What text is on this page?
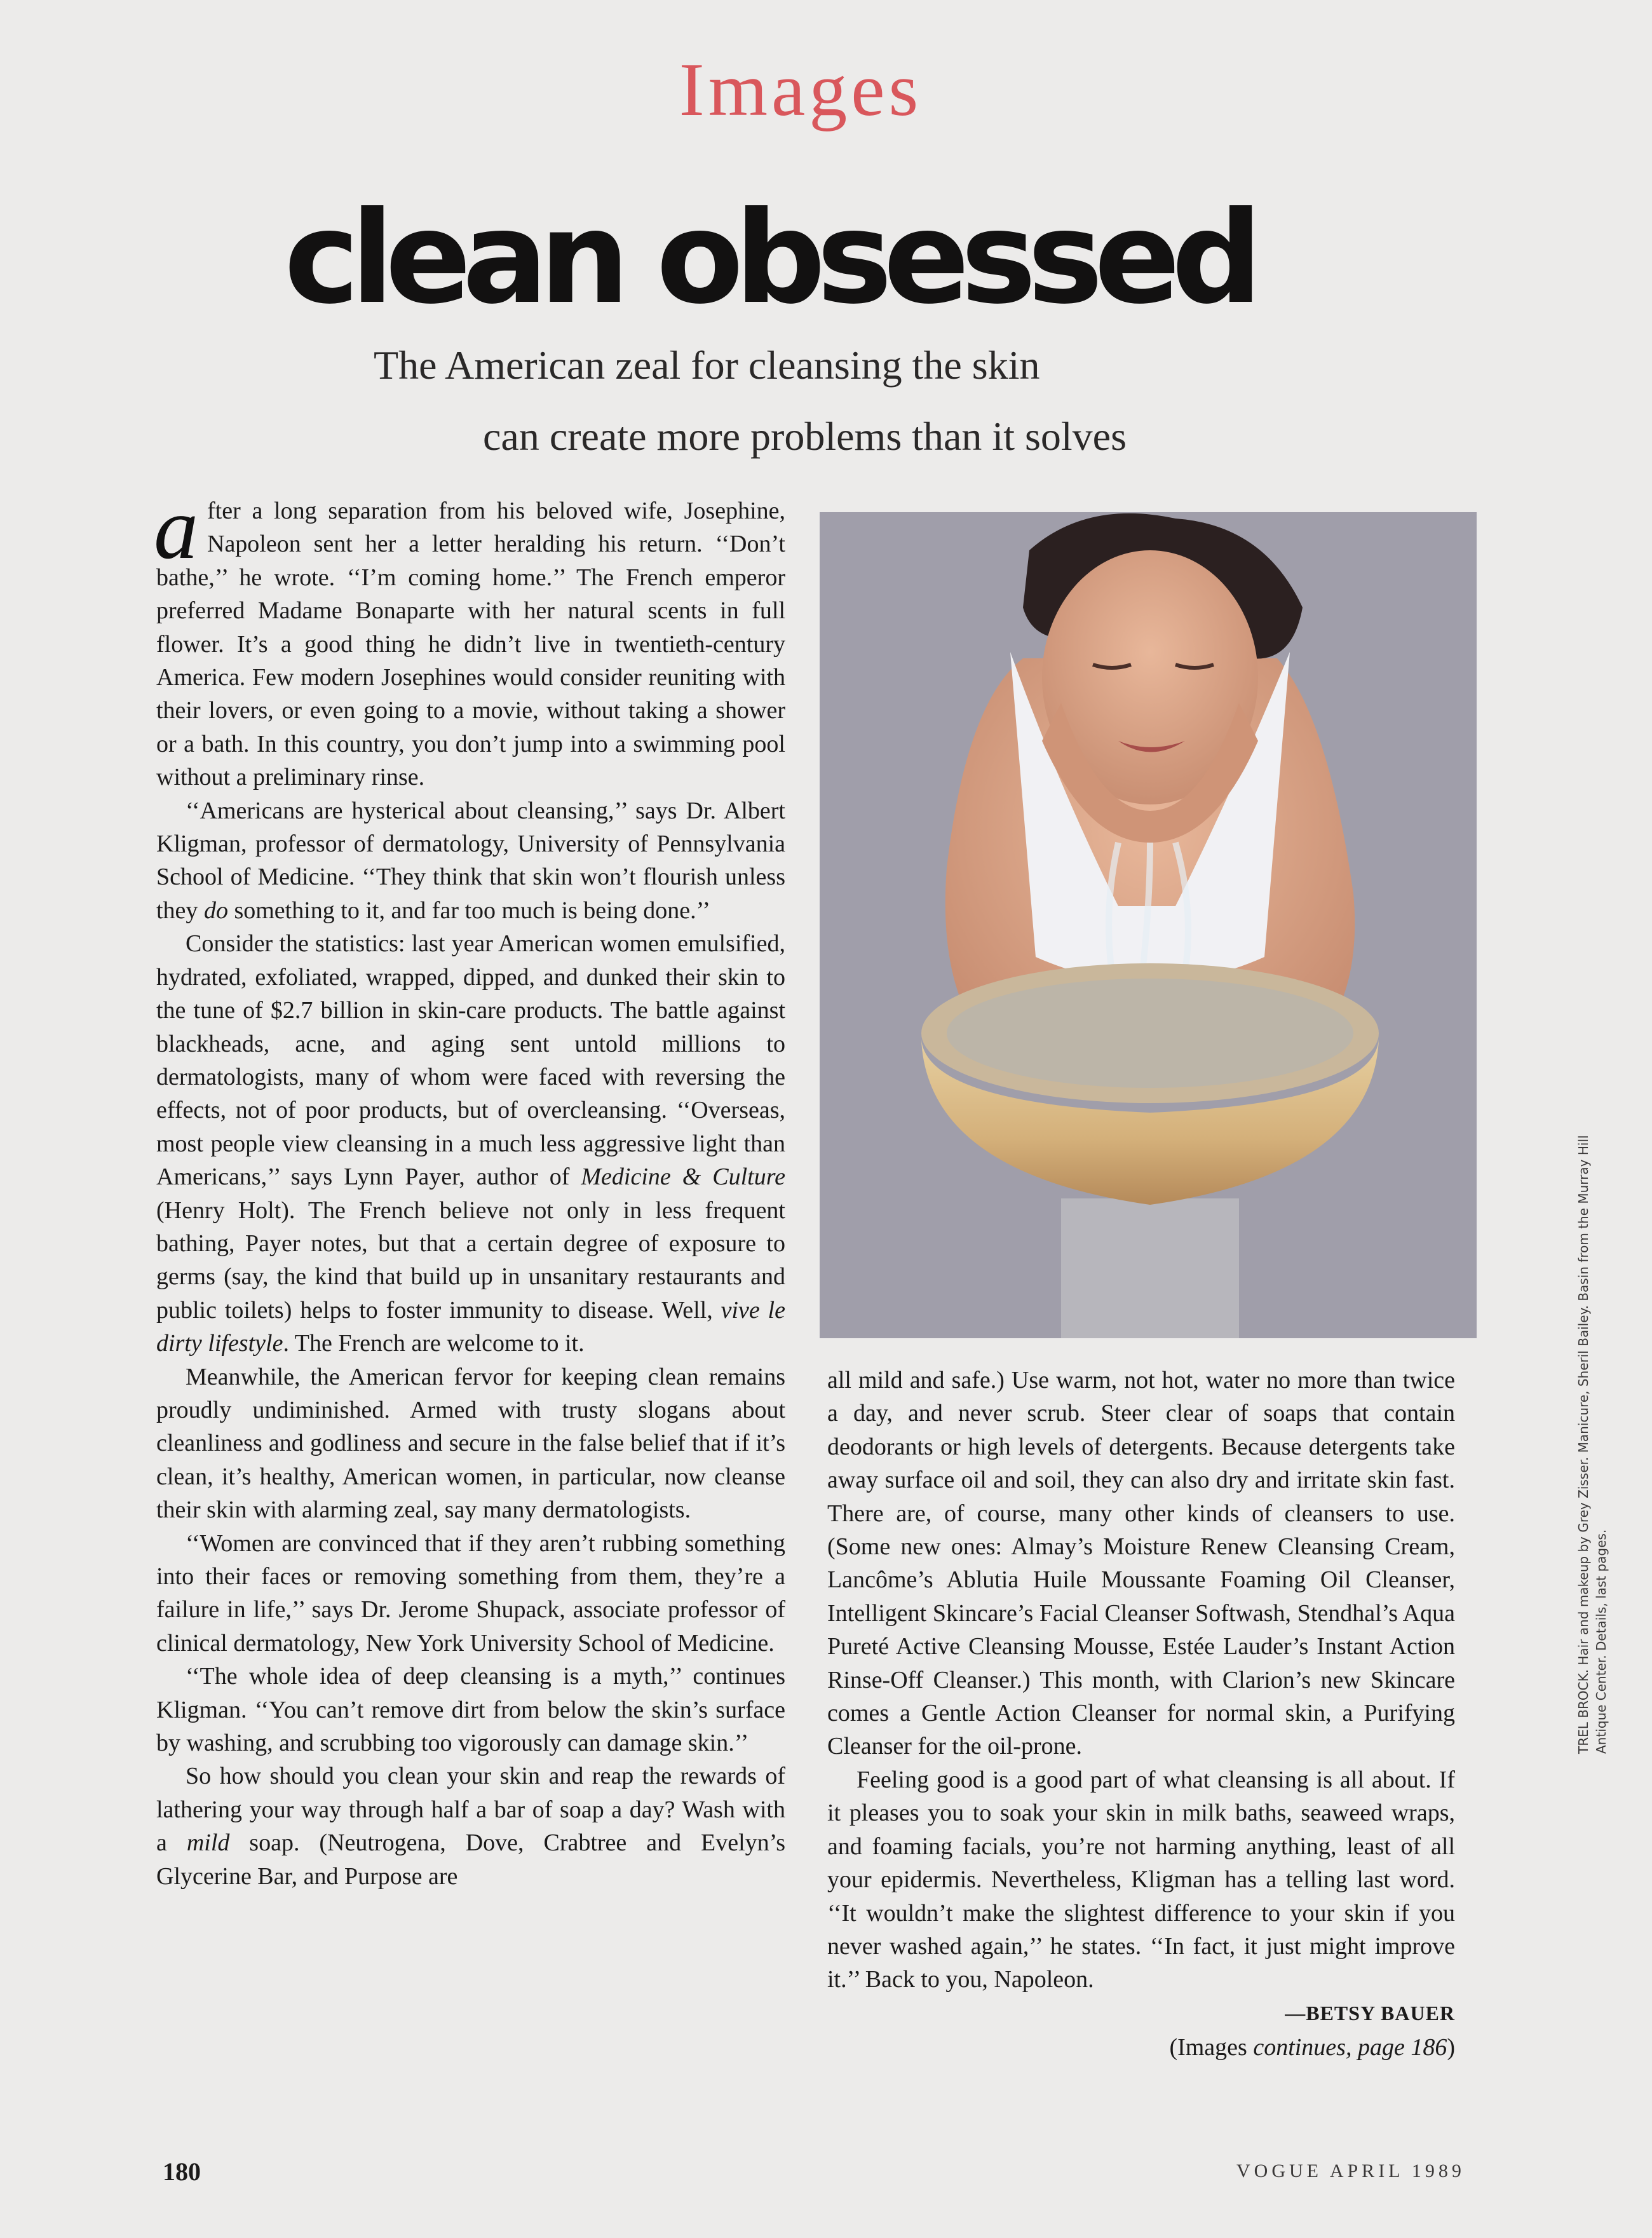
Images
clean obsessed
The American zeal for cleansing the skin
can create more problems than it solves

after a long separation from his beloved wife, Josephine, Napoleon sent her a letter heralding his return. ‘‘Don’t bathe,’’ he wrote. ‘‘I’m coming home.’’ The French emperor preferred Madame Bonaparte with her natural scents in full flower. It’s a good thing he didn’t live in twentieth-century America. Few modern Josephines would consider reuniting with their lovers, or even going to a movie, without taking a shower or a bath. In this country, you don’t jump into a swimming pool without a preliminary rinse.

‘‘Americans are hysterical about cleansing,’’ says Dr. Albert Kligman, professor of dermatology, University of Pennsylvania School of Medicine. ‘‘They think that skin won’t flourish unless they do something to it, and far too much is being done.’’

Consider the statistics: last year American women emulsified, hydrated, exfoliated, wrapped, dipped, and dunked their skin to the tune of $2.7 billion in skin-care products. The battle against blackheads, acne, and aging sent untold millions to dermatologists, many of whom were faced with reversing the effects, not of poor products, but of overcleansing. ‘‘Overseas, most people view cleansing in a much less aggressive light than Americans,’’ says Lynn Payer, author of Medicine & Culture (Henry Holt). The French believe not only in less frequent bathing, Payer notes, but that a certain degree of exposure to germs (say, the kind that build up in unsanitary restaurants and public toilets) helps to foster immunity to disease. Well, vive le dirty lifestyle. The French are welcome to it.

Meanwhile, the American fervor for keeping clean remains proudly undiminished. Armed with trusty slogans about cleanliness and godliness and secure in the false belief that if it’s clean, it’s healthy, American women, in particular, now cleanse their skin with alarming zeal, say many dermatologists.

‘‘Women are convinced that if they aren’t rubbing something into their faces or removing something from them, they’re a failure in life,’’ says Dr. Jerome Shupack, associate professor of clinical dermatology, New York University School of Medicine.

‘‘The whole idea of deep cleansing is a myth,’’ continues Kligman. ‘‘You can’t remove dirt from below the skin’s surface by washing, and scrubbing too vigorously can damage skin.’’

So how should you clean your skin and reap the rewards of lathering your way through half a bar of soap a day? Wash with a mild soap. (Neutrogena, Dove, Crabtree and Evelyn’s Glycerine Bar, and Purpose are

all mild and safe.) Use warm, not hot, water no more than twice a day, and never scrub. Steer clear of soaps that contain deodorants or high levels of detergents. Because detergents take away surface oil and soil, they can also dry and irritate skin fast. There are, of course, many other kinds of cleansers to use. (Some new ones: Almay’s Moisture Renew Cleansing Cream, Lancôme’s Ablutia Huile Moussante Foaming Oil Cleanser, Intelligent Skincare’s Facial Cleanser Softwash, Stendhal’s Aqua Pureté Active Cleansing Mousse, Estée Lauder’s Instant Action Rinse-Off Cleanser.) This month, with Clarion’s new Skincare comes a Gentle Action Cleanser for normal skin, a Purifying Cleanser for the oil-prone.

Feeling good is a good part of what cleansing is all about. If it pleases you to soak your skin in milk baths, seaweed wraps, and foaming facials, you’re not harming anything, least of all your epidermis. Nevertheless, Kligman has a telling last word. ‘‘It wouldn’t make the slightest difference to your skin if you never washed again,’’ he states. ‘‘In fact, it just might improve it.’’ Back to you, Napoleon.

—BETSY BAUER
(Images continues, page 186)
TREL BROCK. Hair and makeup by Grey Zisser. Manicure, Sheril Bailey. Basin from the Murray Hill Antique Center. Details, last pages.
180	VOGUE APRIL 1989
